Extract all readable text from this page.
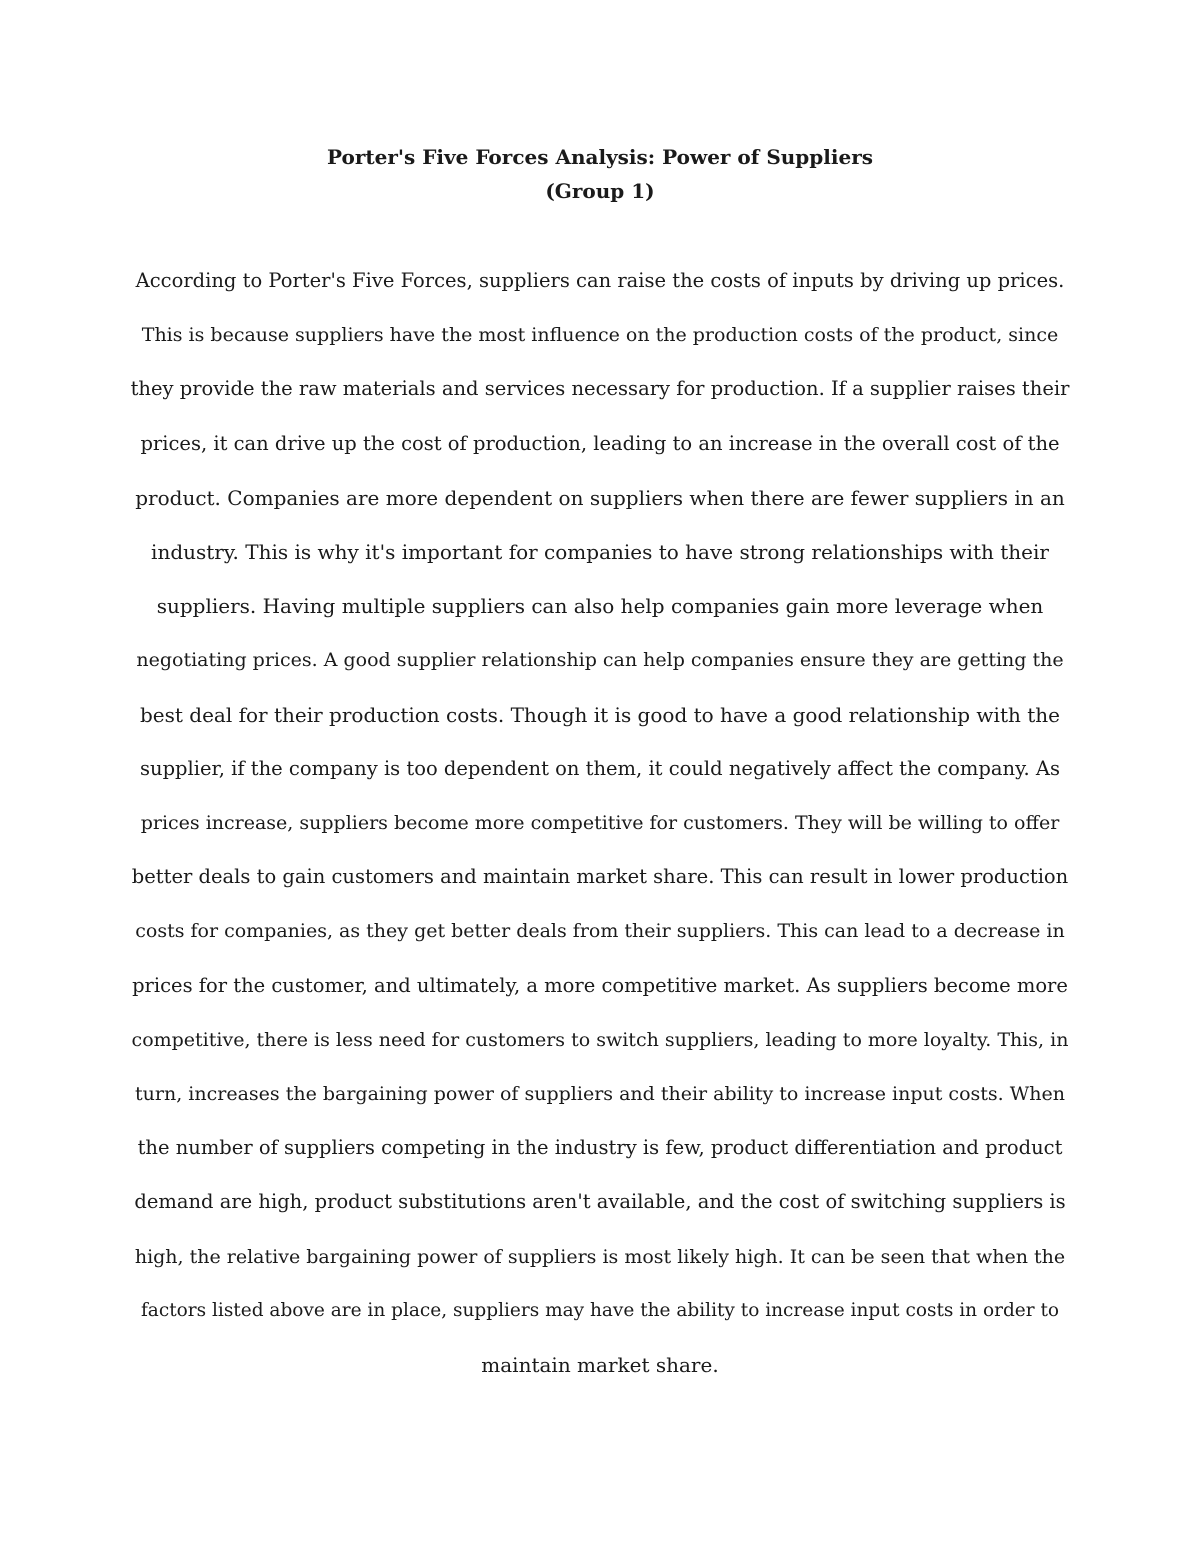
Porter's Five Forces Analysis: Power of Suppliers

(Group 1)

According to Porter's Five Forces, suppliers can raise the costs of inputs by driving up prices.

This is because suppliers have the most influence on the production costs of the product, since

they provide the raw materials and services necessary for production. If a supplier raises their

prices, it can drive up the cost of production, leading to an increase in the overall cost of the

product. Companies are more dependent on suppliers when there are fewer suppliers in an

industry. This is why it's important for companies to have strong relationships with their

suppliers. Having multiple suppliers can also help companies gain more leverage when

negotiating prices. A good supplier relationship can help companies ensure they are getting the

best deal for their production costs. Though it is good to have a good relationship with the

supplier, if the company is too dependent on them, it could negatively affect the company. As

prices increase, suppliers become more competitive for customers. They will be willing to offer

better deals to gain customers and maintain market share. This can result in lower production

costs for companies, as they get better deals from their suppliers. This can lead to a decrease in

prices for the customer, and ultimately, a more competitive market. As suppliers become more

competitive, there is less need for customers to switch suppliers, leading to more loyalty. This, in

turn, increases the bargaining power of suppliers and their ability to increase input costs. When

the number of suppliers competing in the industry is few, product differentiation and product

demand are high, product substitutions aren't available, and the cost of switching suppliers is

high, the relative bargaining power of suppliers is most likely high. It can be seen that when the

factors listed above are in place, suppliers may have the ability to increase input costs in order to

maintain market share.
